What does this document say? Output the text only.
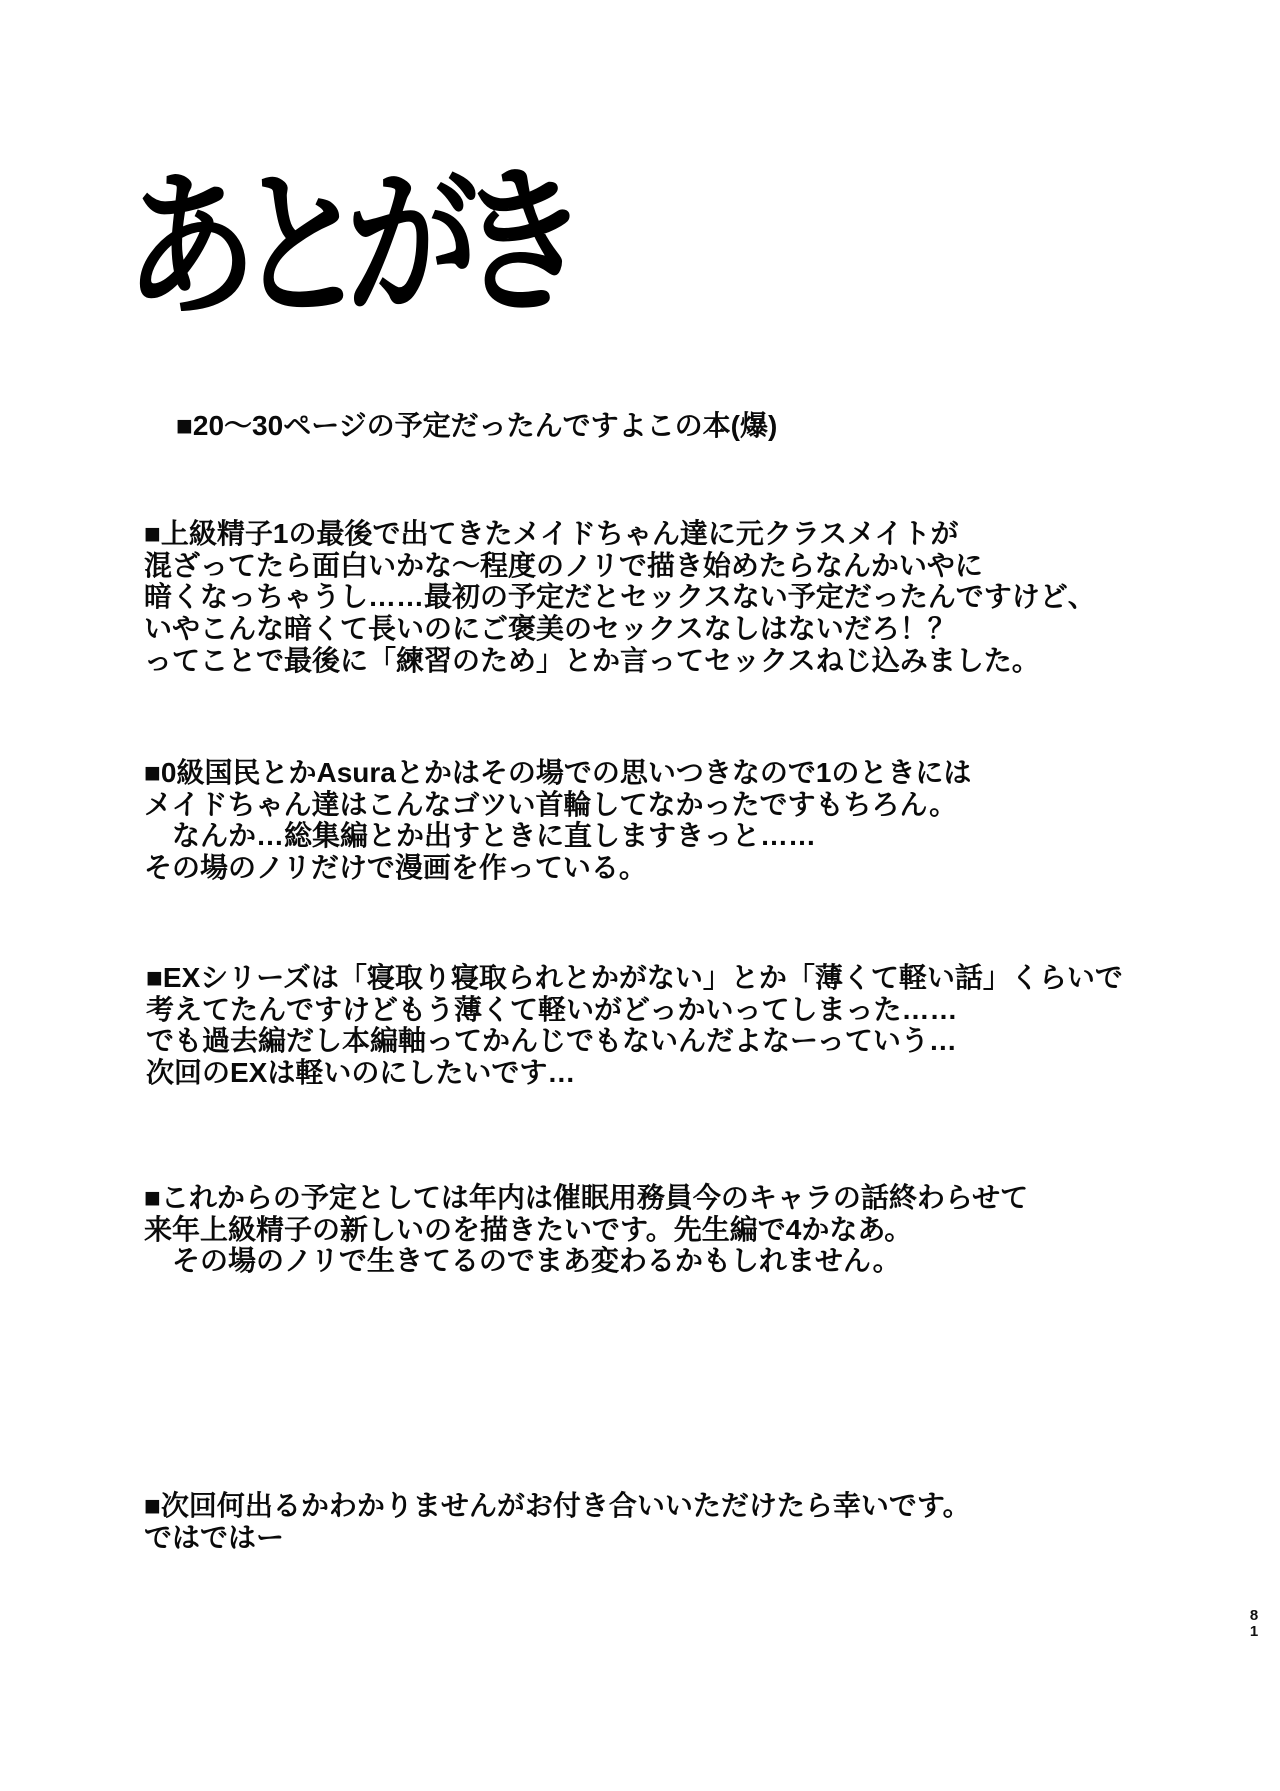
あとがき
■20～30ページの予定だったんですよこの本(爆)
■上級精子1の最後で出てきたメイドちゃん達に元クラスメイトが
混ざってたら面白いかな～程度のノリで描き始めたらなんかいやに
暗くなっちゃうし……最初の予定だとセックスない予定だったんですけど、
いやこんな暗くて長いのにご褒美のセックスなしはないだろ！？
ってことで最後に「練習のため」とか言ってセックスねじ込みました。
■0級国民とかAsuraとかはその場での思いつきなので1のときには
メイドちゃん達はこんなゴツい首輪してなかったですもちろん。
　なんか…総集編とか出すときに直しますきっと……
その場のノリだけで漫画を作っている。
■EXシリーズは「寝取り寝取られとかがない」とか「薄くて軽い話」くらいで
考えてたんですけどもう薄くて軽いがどっかいってしまった……
でも過去編だし本編軸ってかんじでもないんだよなーっていう…
次回のEXは軽いのにしたいです…
■これからの予定としては年内は催眠用務員今のキャラの話終わらせて
来年上級精子の新しいのを描きたいです。先生編で4かなあ。
　その場のノリで生きてるのでまあ変わるかもしれません。
■次回何出るかわかりませんがお付き合いいただけたら幸いです。
ではではー
8
1
